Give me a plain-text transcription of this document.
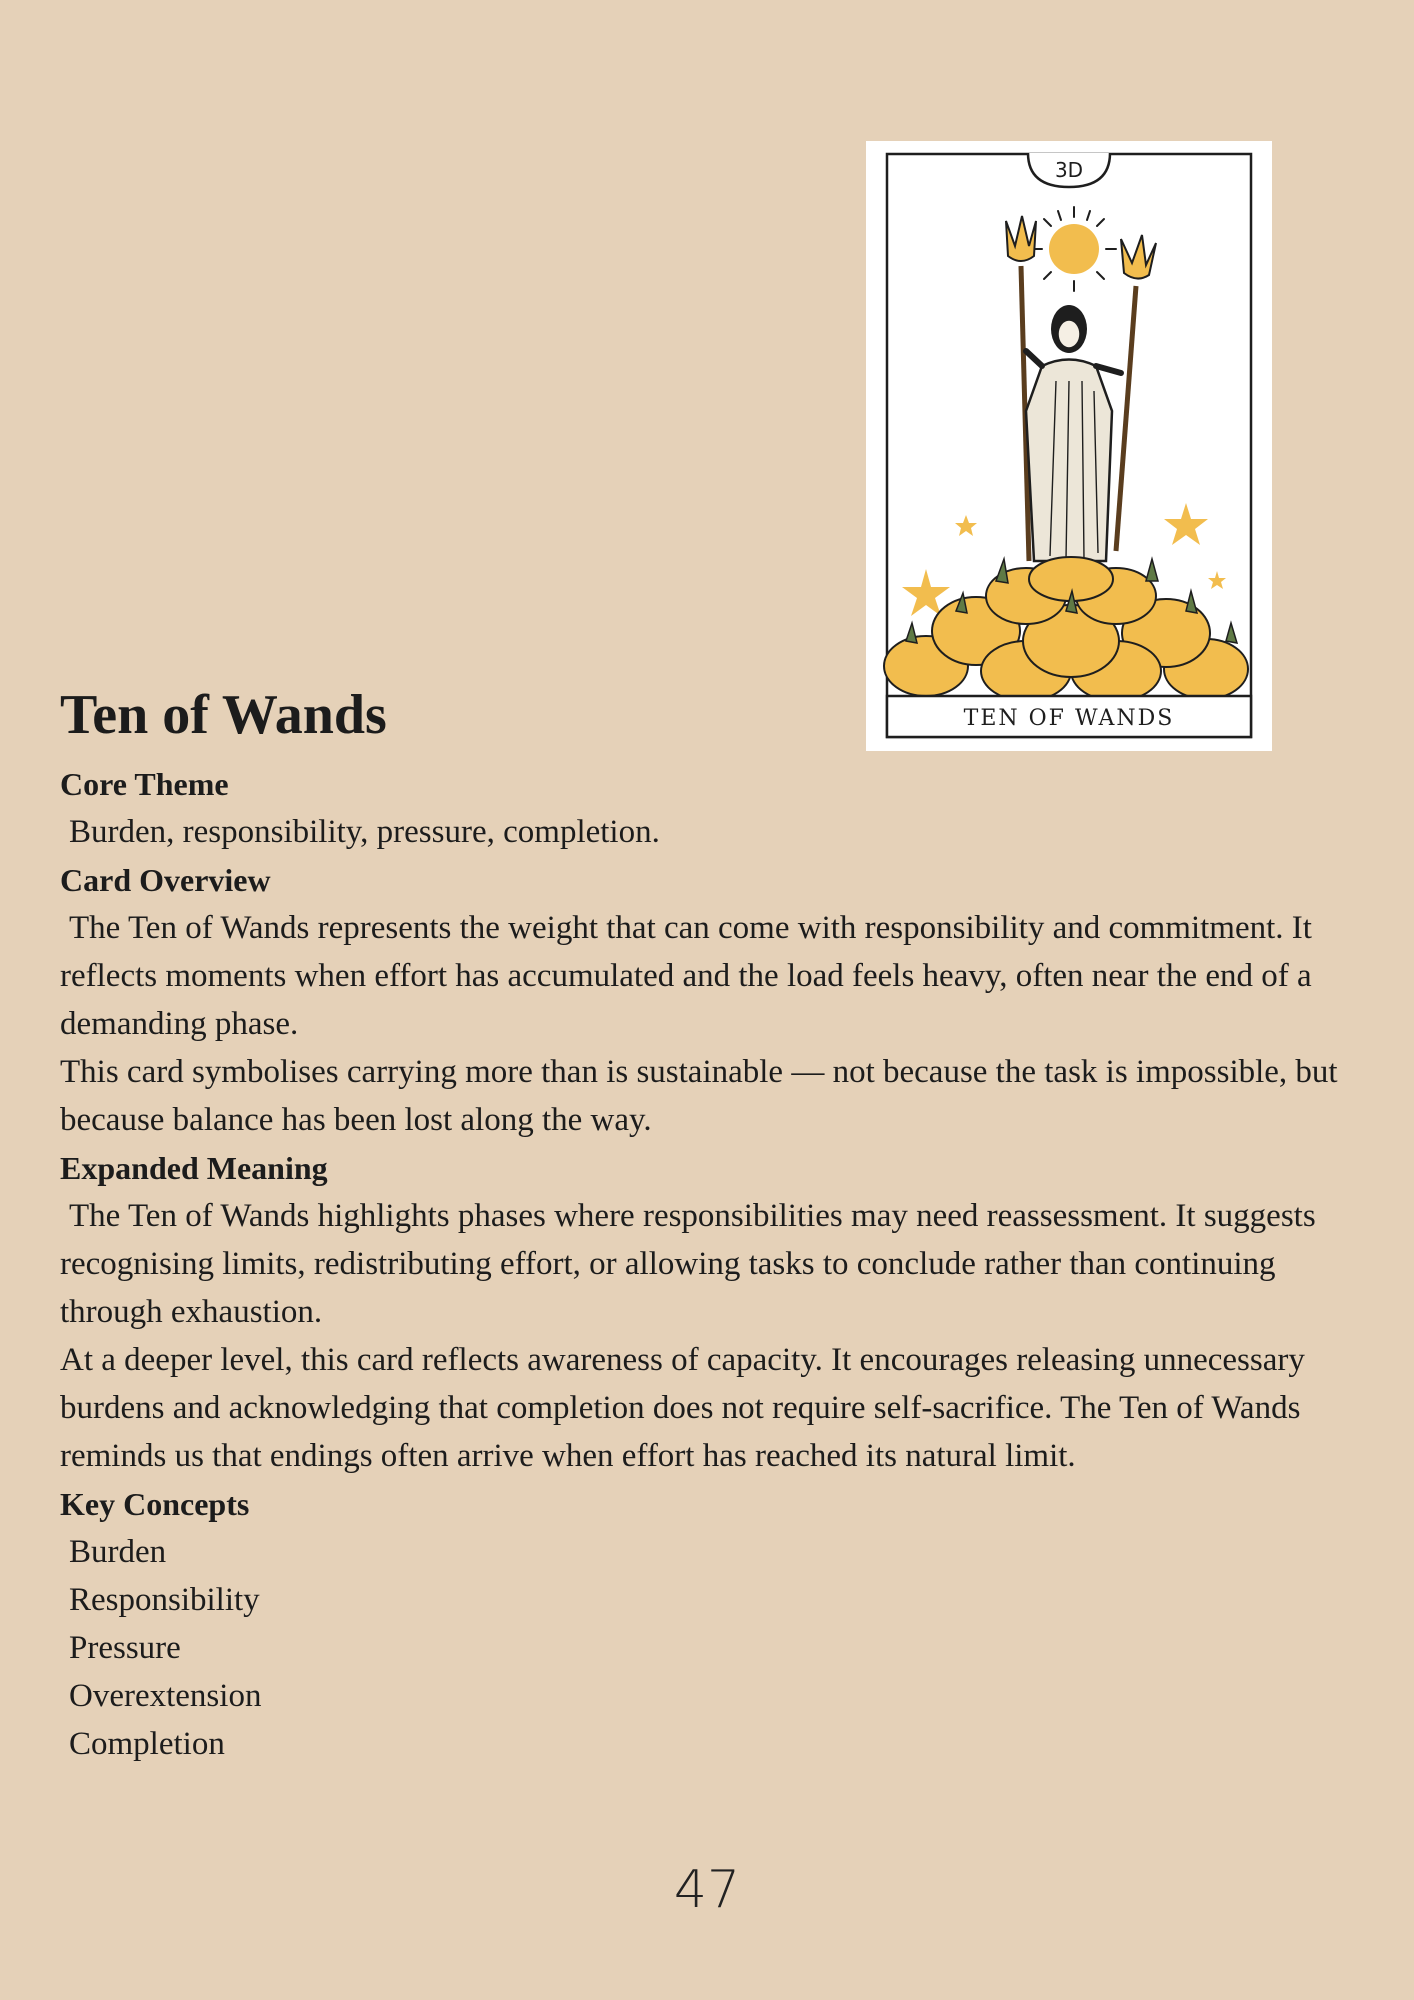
3D
TEN OF WANDS
Ten of Wands
Core Theme

Burden, responsibility, pressure, completion.

Card Overview

The Ten of Wands represents the weight that can come with responsibility and commitment. It reflects moments when effort has accumulated and the load feels heavy, often near the end of a demanding phase.

This card symbolises carrying more than is sustainable — not because the task is impossible, but because balance has been lost along the way.

Expanded Meaning

The Ten of Wands highlights phases where responsibilities may need reassessment. It suggests recognising limits, redistributing effort, or allowing tasks to conclude rather than continuing through exhaustion.

At a deeper level, this card reflects awareness of capacity. It encourages releasing unnecessary burdens and acknowledging that completion does not require self-sacrifice. The Ten of Wands reminds us that endings often arrive when effort has reached its natural limit.

Key Concepts
Burden
Responsibility
Pressure
Overextension
Completion
47
